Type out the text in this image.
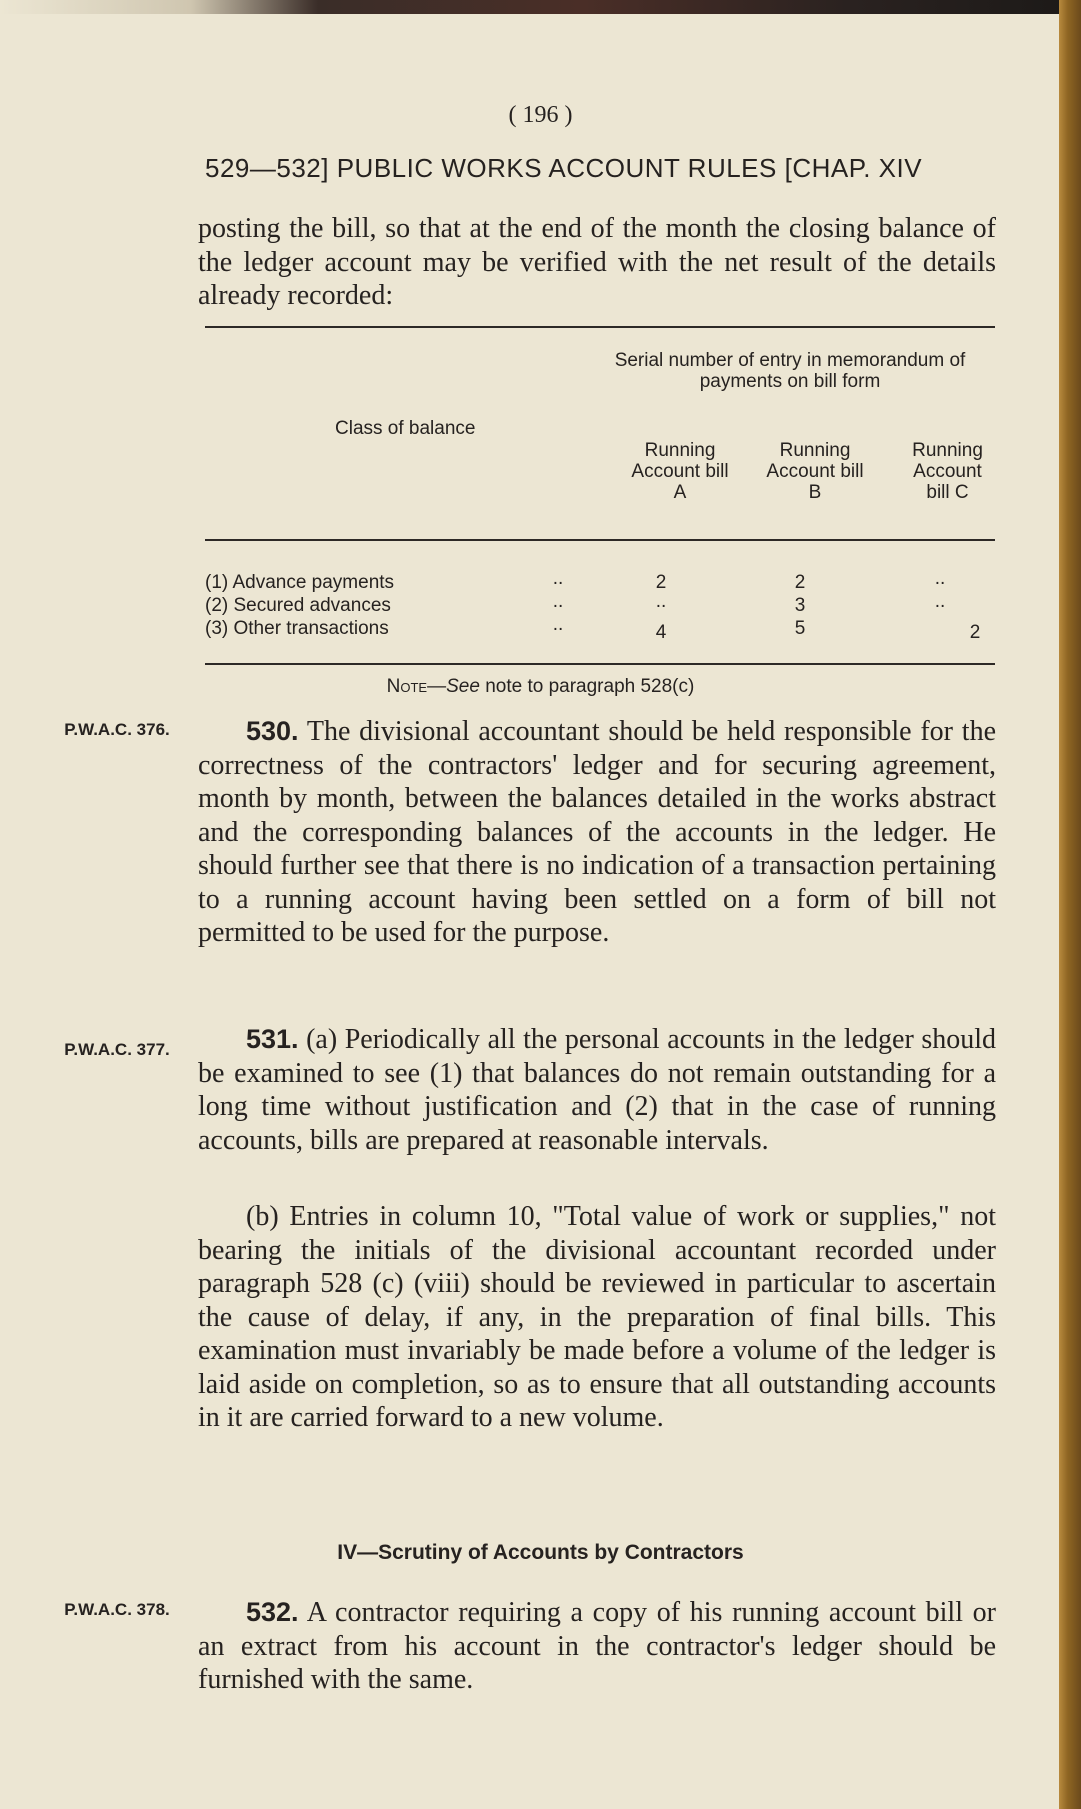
( 196 )
529—532] PUBLIC WORKS ACCOUNT RULES [CHAP. XIV
posting the bill, so that at the end of the month the closing balance of the ledger account may be verified with the net result of the details already recorded:
Serial number of entry in memorandum of payments on bill form
Class of balance
Running Account bill A
Running Account bill B
Running Account bill C
(1) Advance payments	..	2	2	..
(2) Secured advances	..	..	3	..
(3) Other transactions	..	4	5	2
Note—See note to paragraph 528(c)
P.W.A.C. 376.	530. The divisional accountant should be held responsible for the correctness of the contractors' ledger and for securing agreement, month by month, between the balances detailed in the works abstract and the corresponding balances of the accounts in the ledger. He should further see that there is no indication of a transaction pertaining to a running account having been settled on a form of bill not permitted to be used for the purpose.
P.W.A.C. 377.	531. (a) Periodically all the personal accounts in the ledger should be examined to see (1) that balances do not remain outstanding for a long time without justification and (2) that in the case of running accounts, bills are prepared at reasonable intervals.
(b) Entries in column 10, "Total value of work or supplies," not bearing the initials of the divisional accountant recorded under paragraph 528 (c) (viii) should be reviewed in particular to ascertain the cause of delay, if any, in the preparation of final bills. This examination must invariably be made before a volume of the ledger is laid aside on completion, so as to ensure that all outstanding accounts in it are carried forward to a new volume.
IV—Scrutiny of Accounts by Contractors
P.W.A.C. 378.	532. A contractor requiring a copy of his running account bill or an extract from his account in the contractor's ledger should be furnished with the same.
